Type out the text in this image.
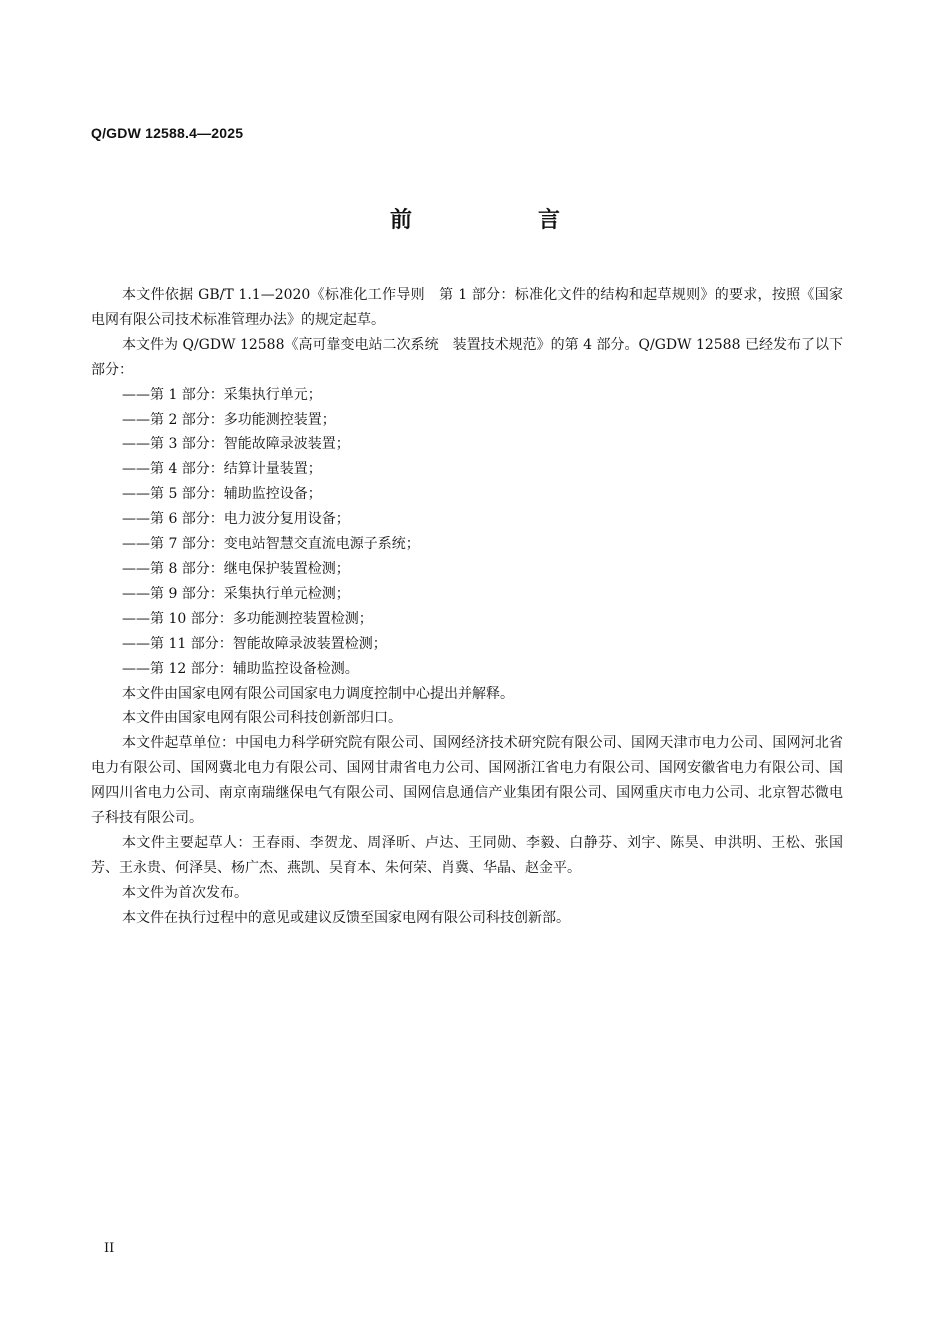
Q/GDW 12588.4—2025
前　言

本文件依据 GB/T 1.1—2020《标准化工作导则　第 1 部分：标准化文件的结构和起草规则》的要求，按照《国家电网有限公司技术标准管理办法》的规定起草。

本文件为 Q/GDW 12588《高可靠变电站二次系统　装置技术规范》的第 4 部分。Q/GDW 12588 已经发布了以下部分：

——第 1 部分：采集执行单元；
——第 2 部分：多功能测控装置；
——第 3 部分：智能故障录波装置；
——第 4 部分：结算计量装置；
——第 5 部分：辅助监控设备；
——第 6 部分：电力波分复用设备；
——第 7 部分：变电站智慧交直流电源子系统；
——第 8 部分：继电保护装置检测；
——第 9 部分：采集执行单元检测；
——第 10 部分：多功能测控装置检测；
——第 11 部分：智能故障录波装置检测；
——第 12 部分：辅助监控设备检测。

本文件由国家电网有限公司国家电力调度控制中心提出并解释。

本文件由国家电网有限公司科技创新部归口。

本文件起草单位：中国电力科学研究院有限公司、国网经济技术研究院有限公司、国网天津市电力公司、国网河北省电力有限公司、国网冀北电力有限公司、国网甘肃省电力公司、国网浙江省电力有限公司、国网安徽省电力有限公司、国网四川省电力公司、南京南瑞继保电气有限公司、国网信息通信产业集团有限公司、国网重庆市电力公司、北京智芯微电子科技有限公司。

本文件主要起草人：王春雨、李贺龙、周泽昕、卢达、王同勋、李毅、白静芬、刘宇、陈昊、申洪明、王松、张国芳、王永贵、何泽昊、杨广杰、燕凯、吴育本、朱何荣、肖冀、华晶、赵金平。

本文件为首次发布。

本文件在执行过程中的意见或建议反馈至国家电网有限公司科技创新部。

II
